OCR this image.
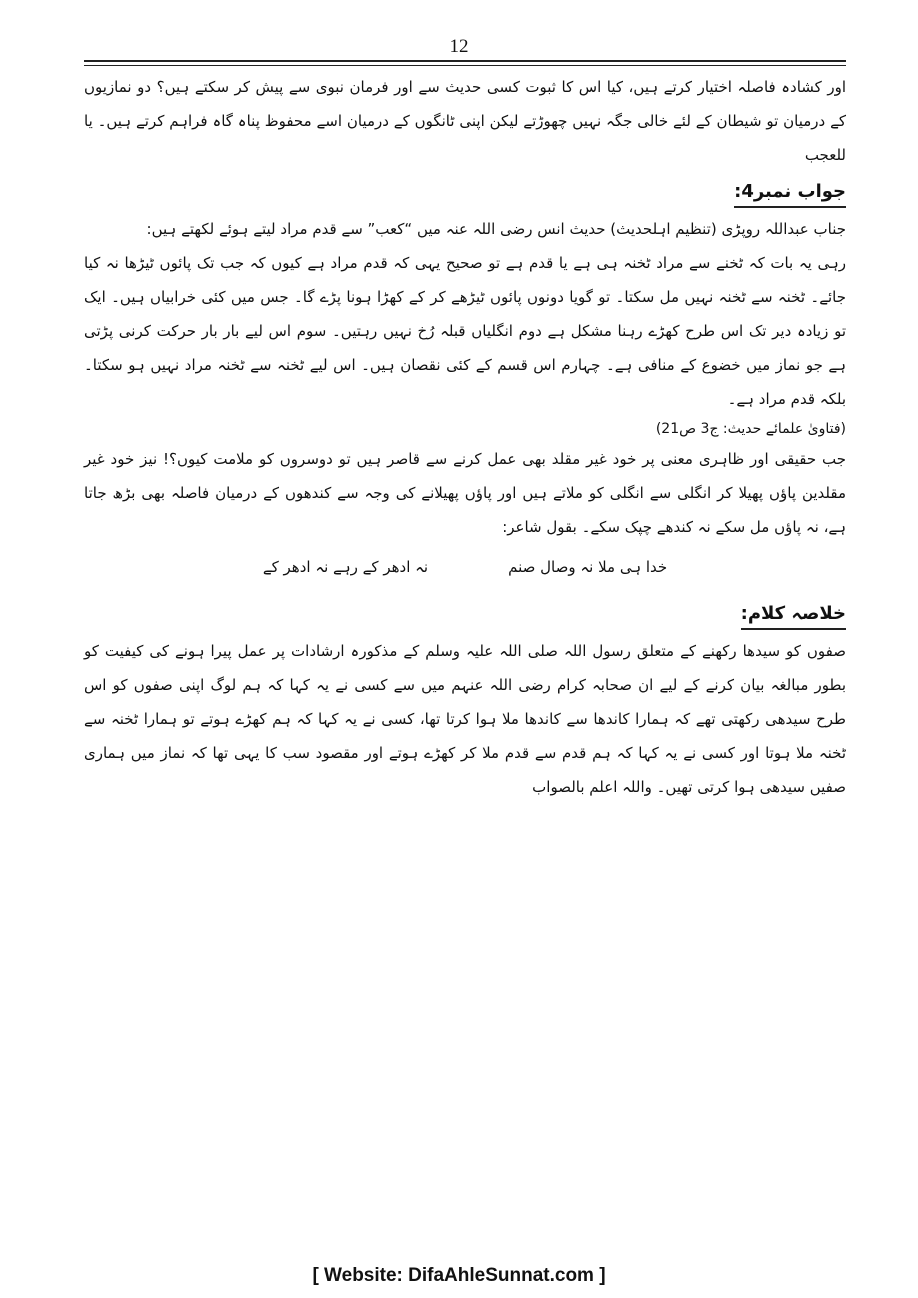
12

اور کشادہ فاصلہ اختیار کرتے ہیں، کیا اس کا ثبوت کسی حدیث سے اور فرمان نبوی سے پیش کر سکتے ہیں؟ دو نمازیوں کے درمیان تو شیطان کے لئے خالی جگہ نہیں چھوڑتے لیکن اپنی ٹانگوں کے درمیان اسے محفوظ پناہ گاہ فراہم کرتے ہیں۔ یا للعجب

جواب نمبر4:

جناب عبداللہ روپڑی (تنظیم اہلحدیث) حدیث انس رضی اللہ عنہ میں “کعب” سے قدم مراد لیتے ہوئے لکھتے ہیں:

رہی یہ بات کہ ٹخنے سے مراد ٹخنہ ہی ہے یا قدم ہے تو صحیح یہی کہ قدم مراد ہے کیوں کہ جب تک پائوں ٹیڑھا نہ کیا جائے۔ ٹخنہ سے ٹخنہ نہیں مل سکتا۔ تو گویا دونوں پائوں ٹیڑھے کر کے کھڑا ہونا پڑے گا۔ جس میں کئی خرابیاں ہیں۔ ایک تو زیادہ دیر تک اس طرح کھڑے رہنا مشکل ہے دوم انگلیاں قبلہ رُخ نہیں رہتیں۔ سوم اس لیے بار بار حرکت کرنی پڑتی ہے جو نماز میں خضوع کے منافی ہے۔ چہارم اس قسم کے کئی نقصان ہیں۔ اس لیے ٹخنہ سے ٹخنہ مراد نہیں ہو سکتا۔ بلکہ قدم مراد ہے۔

(فتاویٰ علمائے حدیث: ج3 ص21)

جب حقیقی اور ظاہری معنی پر خود غیر مقلد بھی عمل کرنے سے قاصر ہیں تو دوسروں کو ملامت کیوں؟! نیز خود غیر مقلدین پاؤں پھیلا کر انگلی سے انگلی کو ملاتے ہیں اور پاؤں پھیلانے کی وجہ سے کندھوں کے درمیان فاصلہ بھی بڑھ جاتا ہے، نہ پاؤں مل سکے نہ کندھے چپک سکے۔ بقول شاعر:

خدا ہی ملا نہ وصال صنم
نہ ادھر کے رہے نہ ادھر کے
خلاصہ کلام:

صفوں کو سیدھا رکھنے کے متعلق رسول اللہ صلی اللہ علیہ وسلم کے مذکورہ ارشادات پر عمل پیرا ہونے کی کیفیت کو بطور مبالغہ بیان کرنے کے لیے ان صحابہ کرام رضی اللہ عنہم میں سے کسی نے یہ کہا کہ ہم لوگ اپنی صفوں کو اس طرح سیدھی رکھتی تھے کہ ہمارا کاندھا سے کاندھا ملا ہوا کرتا تھا، کسی نے یہ کہا کہ ہم کھڑے ہوتے تو ہمارا ٹخنہ سے ٹخنہ ملا ہوتا اور کسی نے یہ کہا کہ ہم قدم سے قدم ملا کر کھڑے ہوتے اور مقصود سب کا یہی تھا کہ نماز میں ہماری صفیں سیدھی ہوا کرتی تھیں۔ واللہ اعلم بالصواب

[ Website: DifaAhleSunnat.com ]
